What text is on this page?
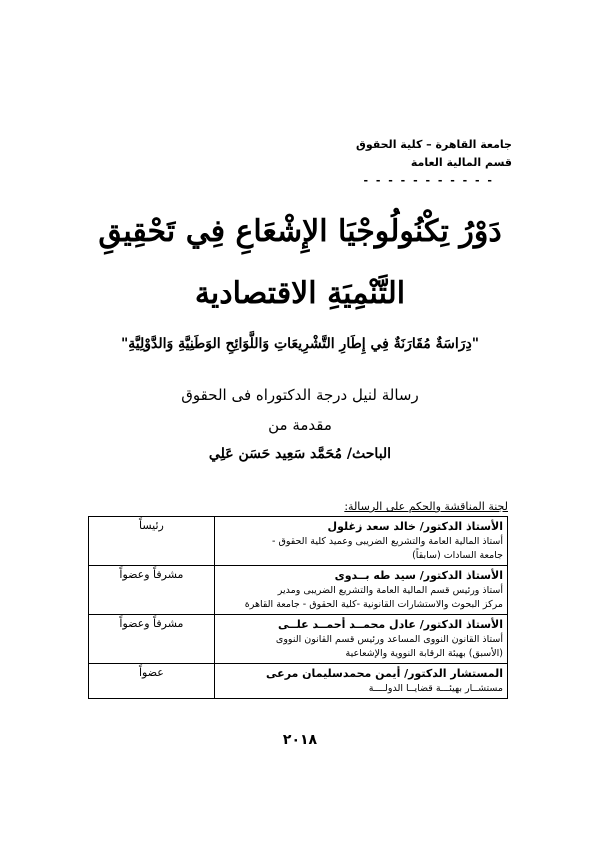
جامعة القاهرة – كلية الحقوق
قسم المالية العامة
- - - - - - - - - - -
دَوْرُ تِكْنُولُوجْيَا الإِشْعَاعِ فِي تَحْقِيقِ
التَّنْمِيَةِ الاقتصادية
"دِرَاسَةٌ مُقَارَنَةٌ فِي إِطَارِ التَّشْرِيعَاتِ وَاللَّوَائِحِ الوَطَنِيَّةِ وَالدَّوْلِيَّةِ"
رسالة لنيل درجة الدكتوراه فى الحقوق
مقدمة من
الباحث/ مُحَمَّد سَعِيد حَسَن عَلِي
لجنة المناقشة والحكم على الرسالة:
الأستاذ الدكتور/ خالد سعد زغلول
أستاذ المالية العامة والتشريع الضريبى وعميد كلية الحقوق -
جامعة السادات (سابقاً)	رئيساً

الأستاذ الدكتور/ سيد طه بــدوى
أستاذ ورئيس قسم المالية العامة والتشريع الضريبى ومدير
مركز البحوث والاستشارات القانونية -كلية الحقوق - جامعة القاهرة	مشرفاً وعضواً

الأستاذ الدكتور/ عادل محمــد أحمــد علــى
أستاذ القانون النووى المساعد ورئيس قسم القانون النووى
(الأسبق) بهيئة الرقابة النووية والإشعاعية	مشرفاً وعضواً

المستشار الدكتور/ أيمن محمدسليمان مرعى
مستشــار بهيئـــة قضايــا الدولــــة	عضواً
٢٠١٨
